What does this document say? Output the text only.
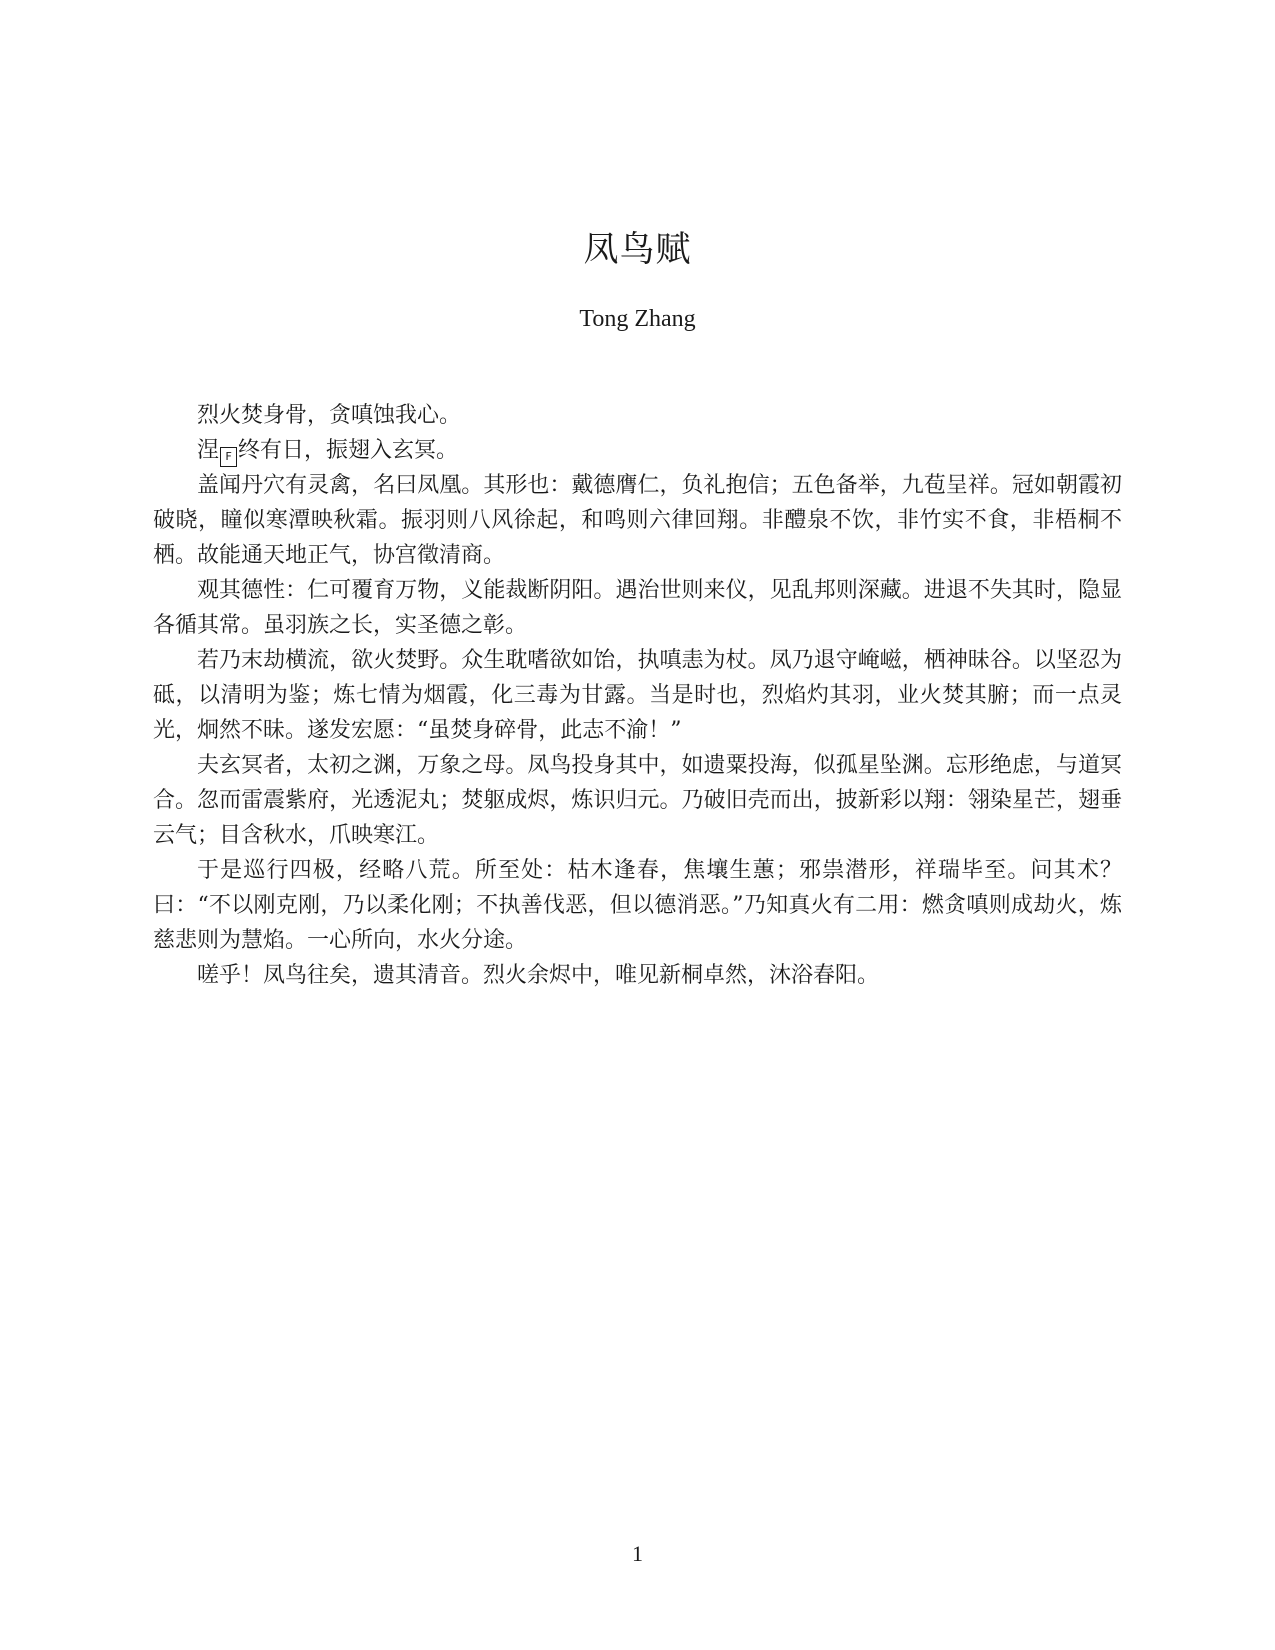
凤鸟赋
Tong Zhang

烈火焚身骨，贪嗔蚀我心。

涅 F 终有日，振翅入玄冥。

盖闻丹穴有灵禽，名曰凤凰。其形也：戴德膺仁，负礼抱信；五色备举，九苞呈祥。冠如朝霞初破晓，瞳似寒潭映秋霜。振羽则八风徐起，和鸣则六律回翔。非醴泉不饮，非竹实不食，非梧桐不栖。故能通天地正气，协宫徵清商。

观其德性：仁可覆育万物，义能裁断阴阳。遇治世则来仪，见乱邦则深藏。进退不失其时，隐显各循其常。虽羽族之长，实圣德之彰。

若乃末劫横流，欲火焚野。众生耽嗜欲如饴，执嗔恚为杖。凤乃退守崦嵫，栖神昧谷。以坚忍为砥，以清明为鉴；炼七情为烟霞，化三毒为甘露。当是时也，烈焰灼其羽，业火焚其腑；而一点灵光，炯然不昧。遂发宏愿：“虽焚身碎骨，此志不渝！”

夫玄冥者，太初之渊，万象之母。凤鸟投身其中，如遗粟投海，似孤星坠渊。忘形绝虑，与道冥合。忽而雷震紫府，光透泥丸；焚躯成烬，炼识归元。乃破旧壳而出，披新彩以翔：翎染星芒，翅垂云气；目含秋水，爪映寒江。

于是巡行四极，经略八荒。所至处：枯木逢春，焦壤生蕙；邪祟潜形，祥瑞毕至。问其术？曰：“不以刚克刚，乃以柔化刚；不执善伐恶，但以德消恶。”乃知真火有二用：燃贪嗔则成劫火，炼慈悲则为慧焰。一心所向，水火分途。

嗟乎！凤鸟往矣，遗其清音。烈火余烬中，唯见新桐卓然，沐浴春阳。

1
